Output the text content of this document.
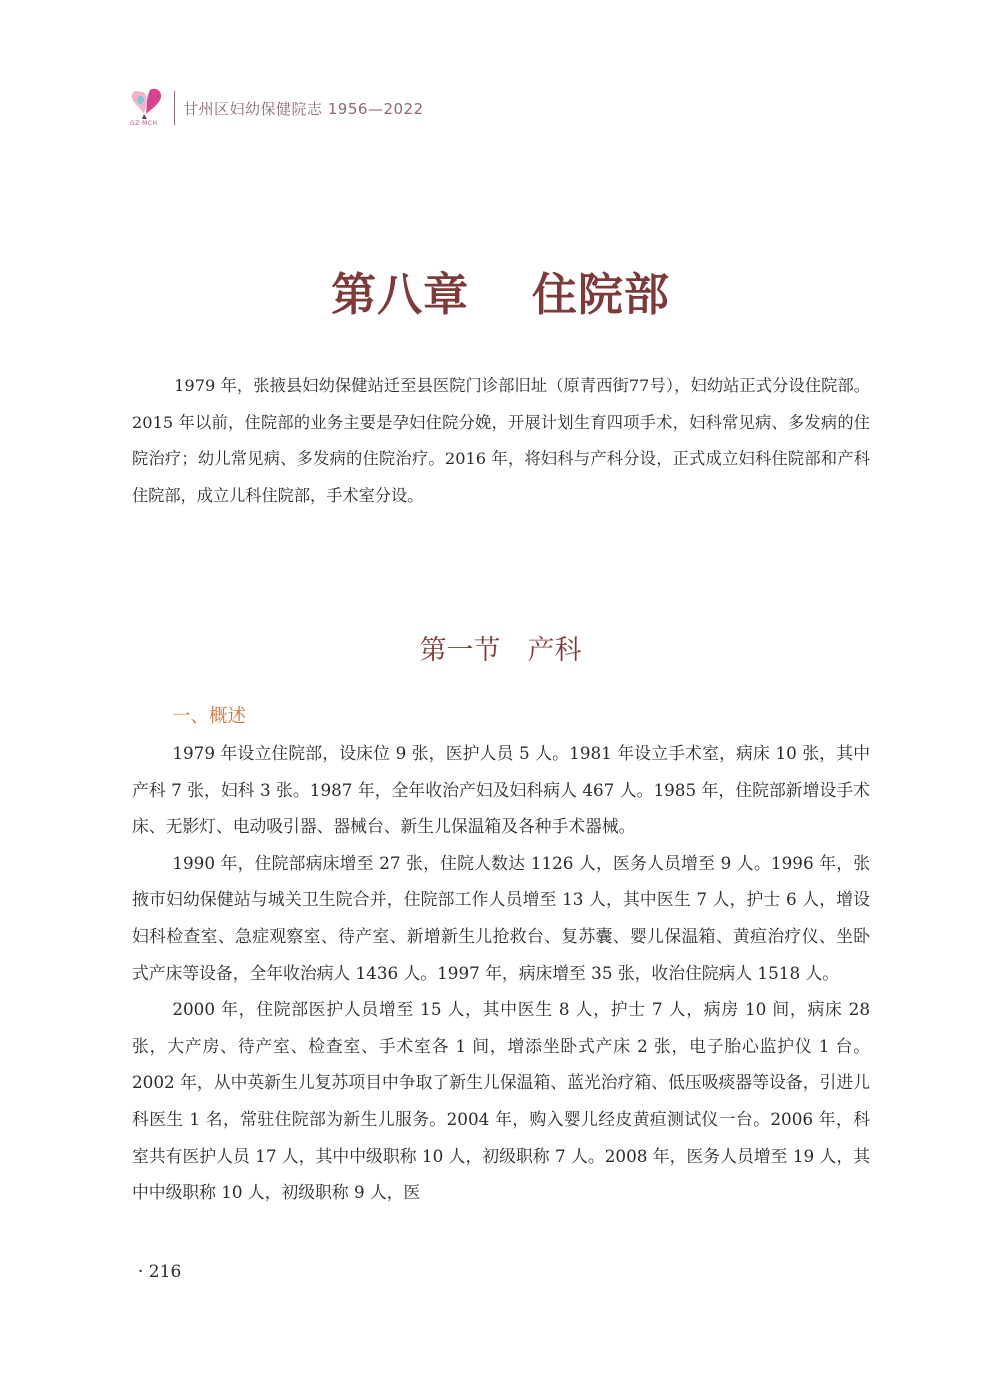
GZ·MCH
甘州区妇幼保健院志 1956—2022
第八章　 住院部

1979 年，张掖县妇幼保健站迁至县医院门诊部旧址（原青西街77号），妇幼站正式分设住院部。2015 年以前，住院部的业务主要是孕妇住院分娩，开展计划生育四项手术，妇科常见病、多发病的住院治疗；幼儿常见病、多发病的住院治疗。2016 年，将妇科与产科分设，正式成立妇科住院部和产科住院部，成立儿科住院部，手术室分设。

第一节　产科
一、概述

1979 年设立住院部，设床位 9 张，医护人员 5 人。1981 年设立手术室，病床 10 张，其中产科 7 张，妇科 3 张。1987 年，全年收治产妇及妇科病人 467 人。1985 年，住院部新增设手术床、无影灯、电动吸引器、器械台、新生儿保温箱及各种手术器械。

1990 年，住院部病床增至 27 张，住院人数达 1126 人，医务人员增至 9 人。1996 年，张掖市妇幼保健站与城关卫生院合并，住院部工作人员增至 13 人，其中医生 7 人，护士 6 人，增设妇科检查室、急症观察室、待产室、新增新生儿抢救台、复苏囊、婴儿保温箱、黄疸治疗仪、坐卧式产床等设备，全年收治病人 1436 人。1997 年，病床增至 35 张，收治住院病人 1518 人。

2000 年，住院部医护人员增至 15 人，其中医生 8 人，护士 7 人，病房 10 间，病床 28 张，大产房、待产室、检查室、手术室各 1 间，增添坐卧式产床 2 张，电子胎心监护仪 1 台。2002 年，从中英新生儿复苏项目中争取了新生儿保温箱、蓝光治疗箱、低压吸痰器等设备，引进儿科医生 1 名，常驻住院部为新生儿服务。2004 年，购入婴儿经皮黄疸测试仪一台。2006 年，科室共有医护人员 17 人，其中中级职称 10 人，初级职称 7 人。2008 年，医务人员增至 19 人，其中中级职称 10 人，初级职称 9 人，医

· 216
